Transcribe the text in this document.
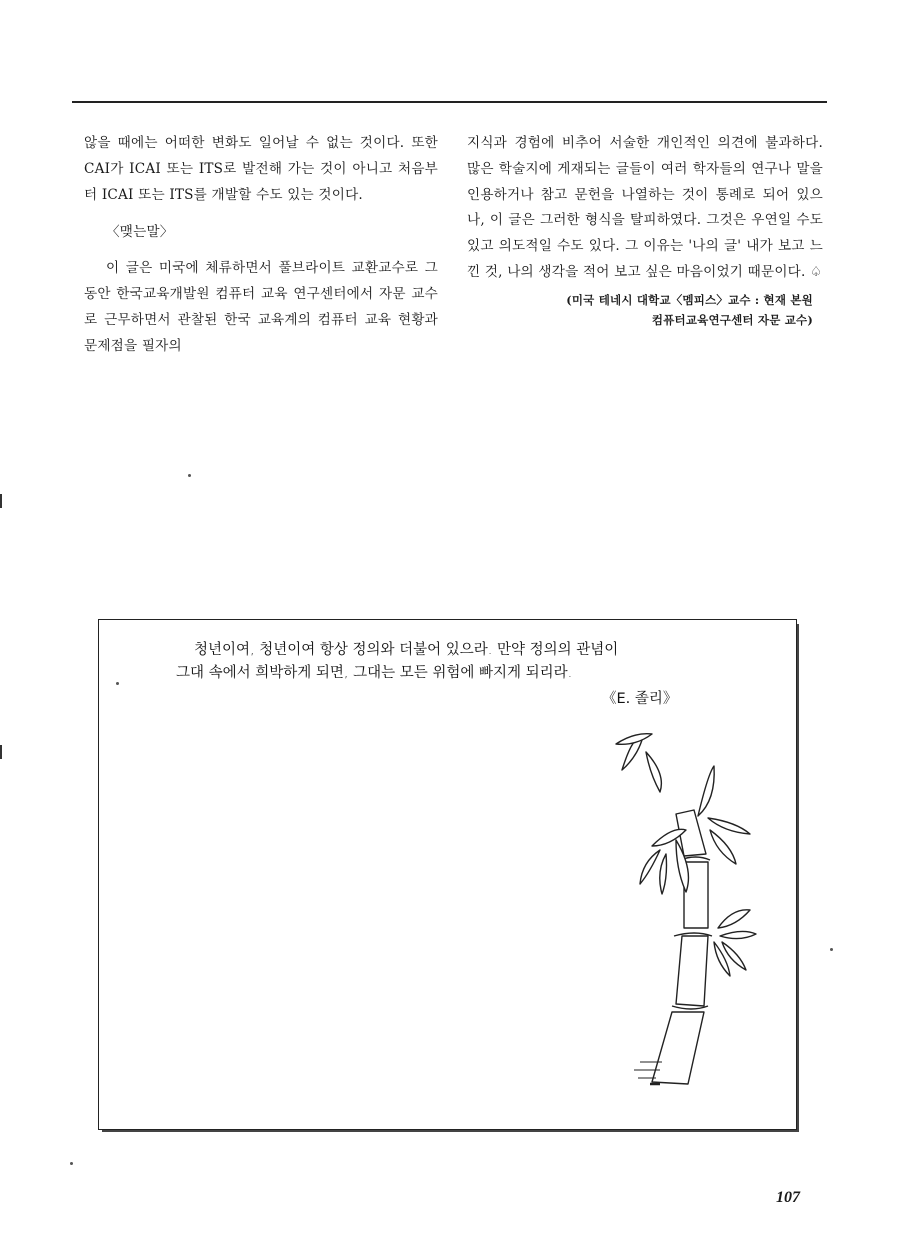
않을 때에는 어떠한 변화도 일어날 수 없는 것이다. 또한 CAI가 ICAI 또는 ITS로 발전해 가는 것이 아니고 처음부터 ICAI 또는 ITS를 개발할 수도 있는 것이다.

〈맺는말〉

이 글은 미국에 체류하면서 풀브라이트 교환교수로 그동안 한국교육개발원 컴퓨터 교육 연구센터에서 자문 교수로 근무하면서 관찰된 한국 교육계의 컴퓨터 교육 현황과 문제점을 필자의

지식과 경험에 비추어 서술한 개인적인 의견에 불과하다. 많은 학술지에 게재되는 글들이 여러 학자들의 연구나 말을 인용하거나 참고 문헌을 나열하는 것이 통례로 되어 있으나, 이 글은 그러한 형식을 탈피하였다. 그것은 우연일 수도 있고 의도적일 수도 있다. 그 이유는 '나의 글' 내가 보고 느낀 것, 나의 생각을 적어 보고 싶은 마음이었기 때문이다. ♤

(미국 테네시 대학교〈멤피스〉교수 : 현재 본원
컴퓨터교육연구센터 자문 교수)

청년이여, 청년이여 항상 정의와 더불어 있으라. 만약 정의의 관념이

그대 속에서 희박하게 되면, 그대는 모든 위험에 빠지게 되리라.

《E. 졸리》
107
